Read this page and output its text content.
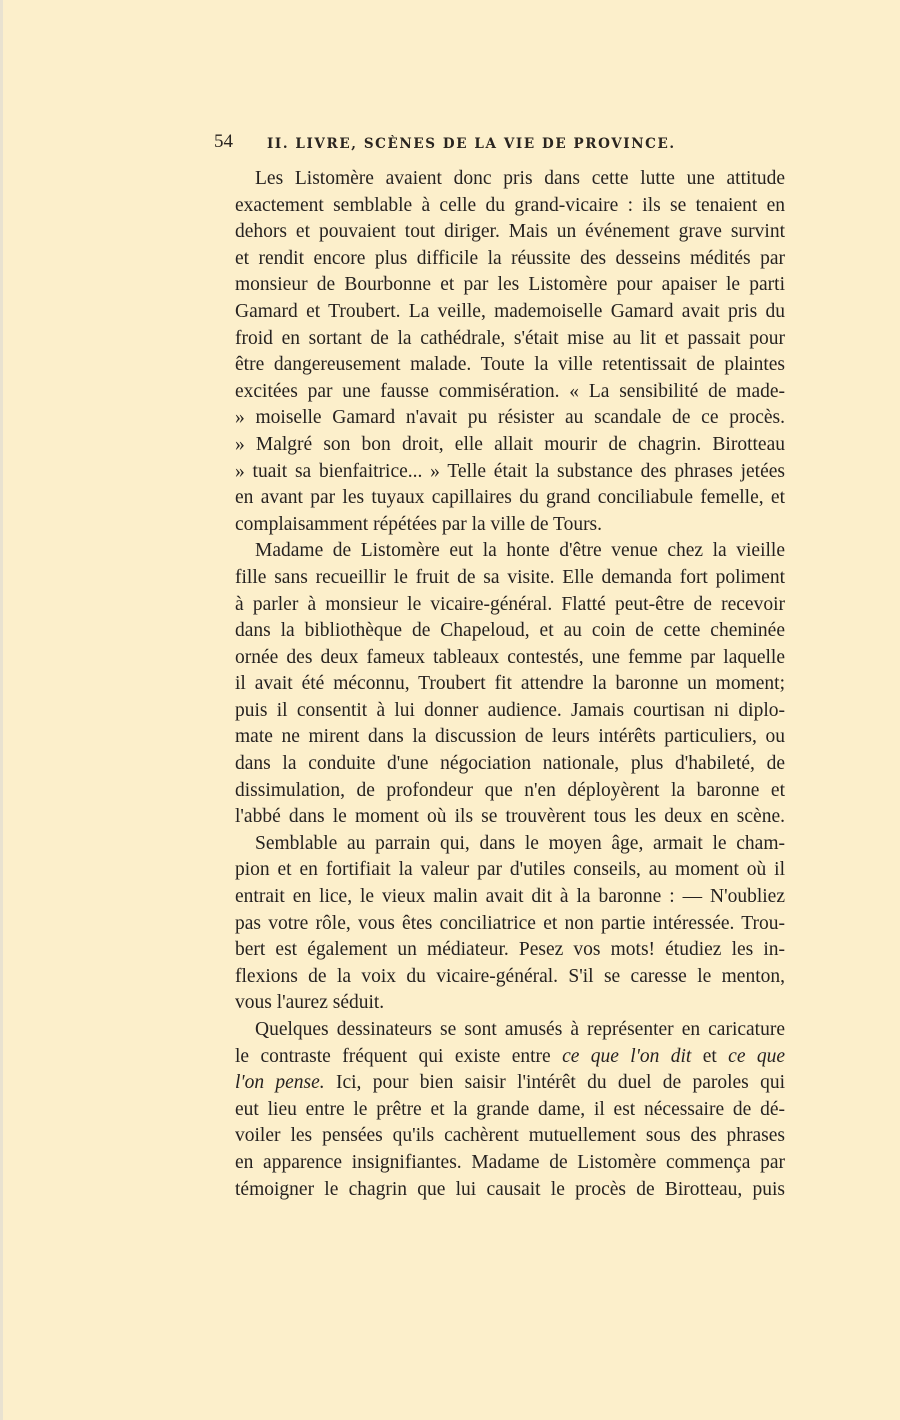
54	II. LIVRE, SCÈNES DE LA VIE DE PROVINCE.
Les Listomère avaient donc pris dans cette lutte une attitude
exactement semblable à celle du grand-vicaire : ils se tenaient en
dehors et pouvaient tout diriger. Mais un événement grave survint
et rendit encore plus difficile la réussite des desseins médités par
monsieur de Bourbonne et par les Listomère pour apaiser le parti
Gamard et Troubert. La veille, mademoiselle Gamard avait pris du
froid en sortant de la cathédrale, s'était mise au lit et passait pour
être dangereusement malade. Toute la ville retentissait de plaintes
excitées par une fausse commisération. « La sensibilité de made-
» moiselle Gamard n'avait pu résister au scandale de ce procès.
» Malgré son bon droit, elle allait mourir de chagrin. Birotteau
» tuait sa bienfaitrice... » Telle était la substance des phrases jetées
en avant par les tuyaux capillaires du grand conciliabule femelle, et
complaisamment répétées par la ville de Tours.
Madame de Listomère eut la honte d'être venue chez la vieille
fille sans recueillir le fruit de sa visite. Elle demanda fort poliment
à parler à monsieur le vicaire-général. Flatté peut-être de recevoir
dans la bibliothèque de Chapeloud, et au coin de cette cheminée
ornée des deux fameux tableaux contestés, une femme par laquelle
il avait été méconnu, Troubert fit attendre la baronne un moment;
puis il consentit à lui donner audience. Jamais courtisan ni diplo-
mate ne mirent dans la discussion de leurs intérêts particuliers, ou
dans la conduite d'une négociation nationale, plus d'habileté, de
dissimulation, de profondeur que n'en déployèrent la baronne et
l'abbé dans le moment où ils se trouvèrent tous les deux en scène.
Semblable au parrain qui, dans le moyen âge, armait le cham-
pion et en fortifiait la valeur par d'utiles conseils, au moment où il
entrait en lice, le vieux malin avait dit à la baronne : — N'oubliez
pas votre rôle, vous êtes conciliatrice et non partie intéressée. Trou-
bert est également un médiateur. Pesez vos mots! étudiez les in-
flexions de la voix du vicaire-général. S'il se caresse le menton,
vous l'aurez séduit.
Quelques dessinateurs se sont amusés à représenter en caricature
le contraste fréquent qui existe entre ce que l'on dit et ce que
l'on pense. Ici, pour bien saisir l'intérêt du duel de paroles qui
eut lieu entre le prêtre et la grande dame, il est nécessaire de dé-
voiler les pensées qu'ils cachèrent mutuellement sous des phrases
en apparence insignifiantes. Madame de Listomère commença par
témoigner le chagrin que lui causait le procès de Birotteau, puis
